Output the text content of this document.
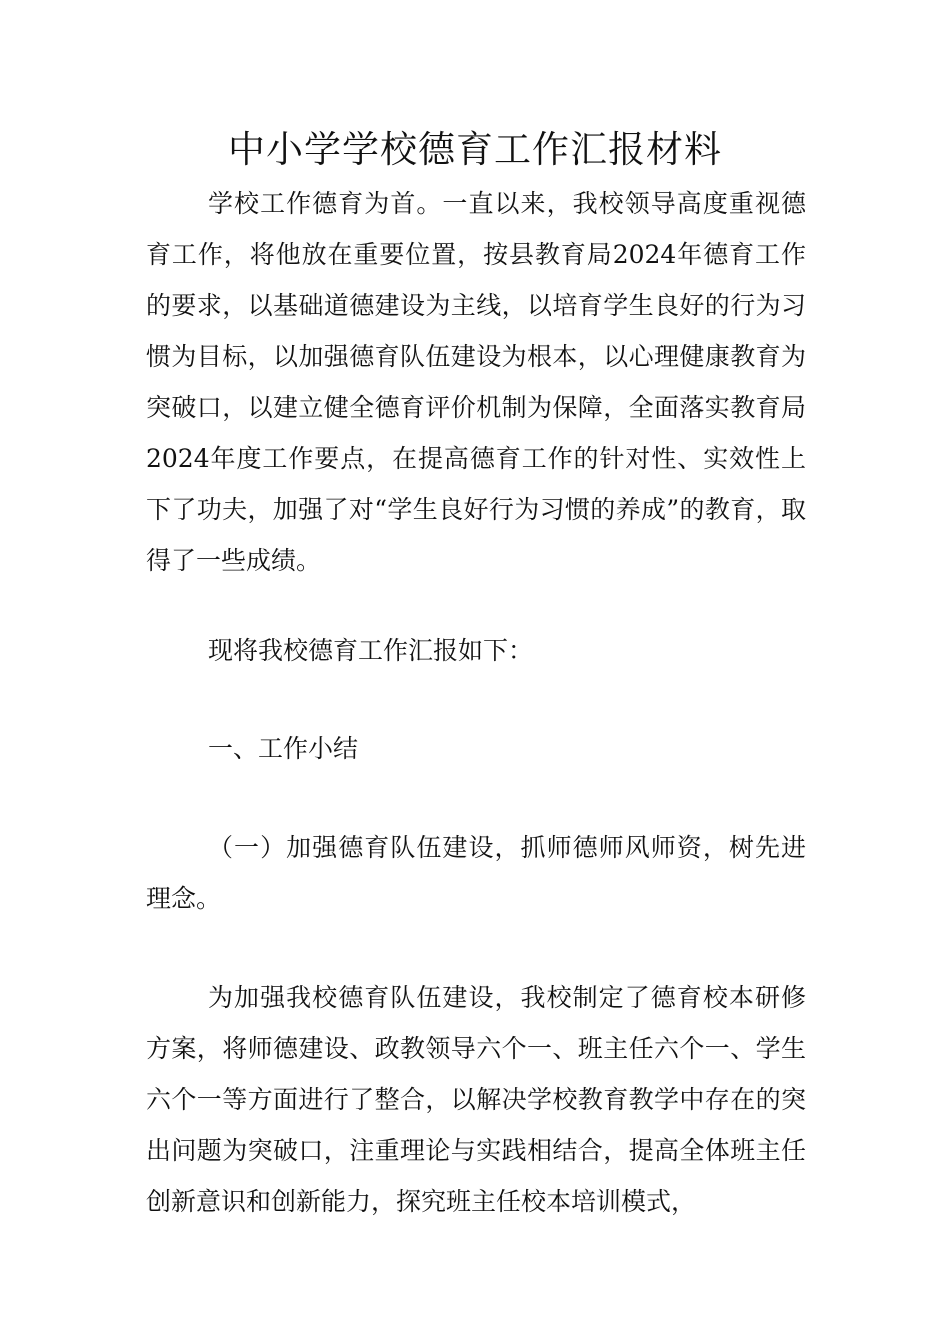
中小学学校德育工作汇报材料

学校工作德育为首。一直以来，我校领导高度重视德育工作，将他放在重要位置，按县教育局2024年德育工作的要求，以基础道德建设为主线，以培育学生良好的行为习惯为目标，以加强德育队伍建设为根本，以心理健康教育为突破口，以建立健全德育评价机制为保障，全面落实教育局2024年度工作要点，在提高德育工作的针对性、实效性上下了功夫，加强了对“学生良好行为习惯的养成”的教育，取得了一些成绩。

现将我校德育工作汇报如下：

一、工作小结

（一）加强德育队伍建设，抓师德师风师资，树先进理念。

为加强我校德育队伍建设，我校制定了德育校本研修方案，将师德建设、政教领导六个一、班主任六个一、学生六个一等方面进行了整合，以解决学校教育教学中存在的突出问题为突破口，注重理论与实践相结合，提高全体班主任创新意识和创新能力，探究班主任校本培训模式，
